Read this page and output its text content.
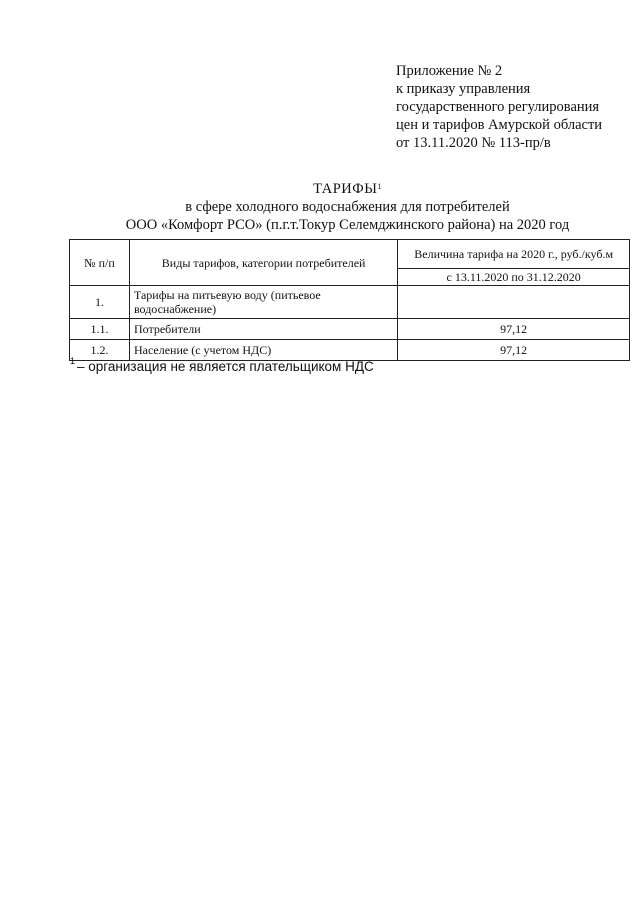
Приложение № 2
к приказу управления
государственного регулирования
цен и тарифов Амурской области
от 13.11.2020 № 113-пр/в
ТАРИФЫ$^1$
в сфере холодного водоснабжения для потребителей
ООО «Комфорт РСО» (п.г.т.Токур Селемджинского района) на 2020 год
№ п/п	Виды тарифов, категории потребителей	Величина тарифа на 2020 г., руб./куб.м
		с 13.11.2020 по 31.12.2020
1.	Тарифы на питьевую воду (питьевое водоснабжение)	
1.1.	Потребители	97,12
1.2.	Население (с учетом НДС)	97,12
$^1$ – организация не является плательщиком НДС
